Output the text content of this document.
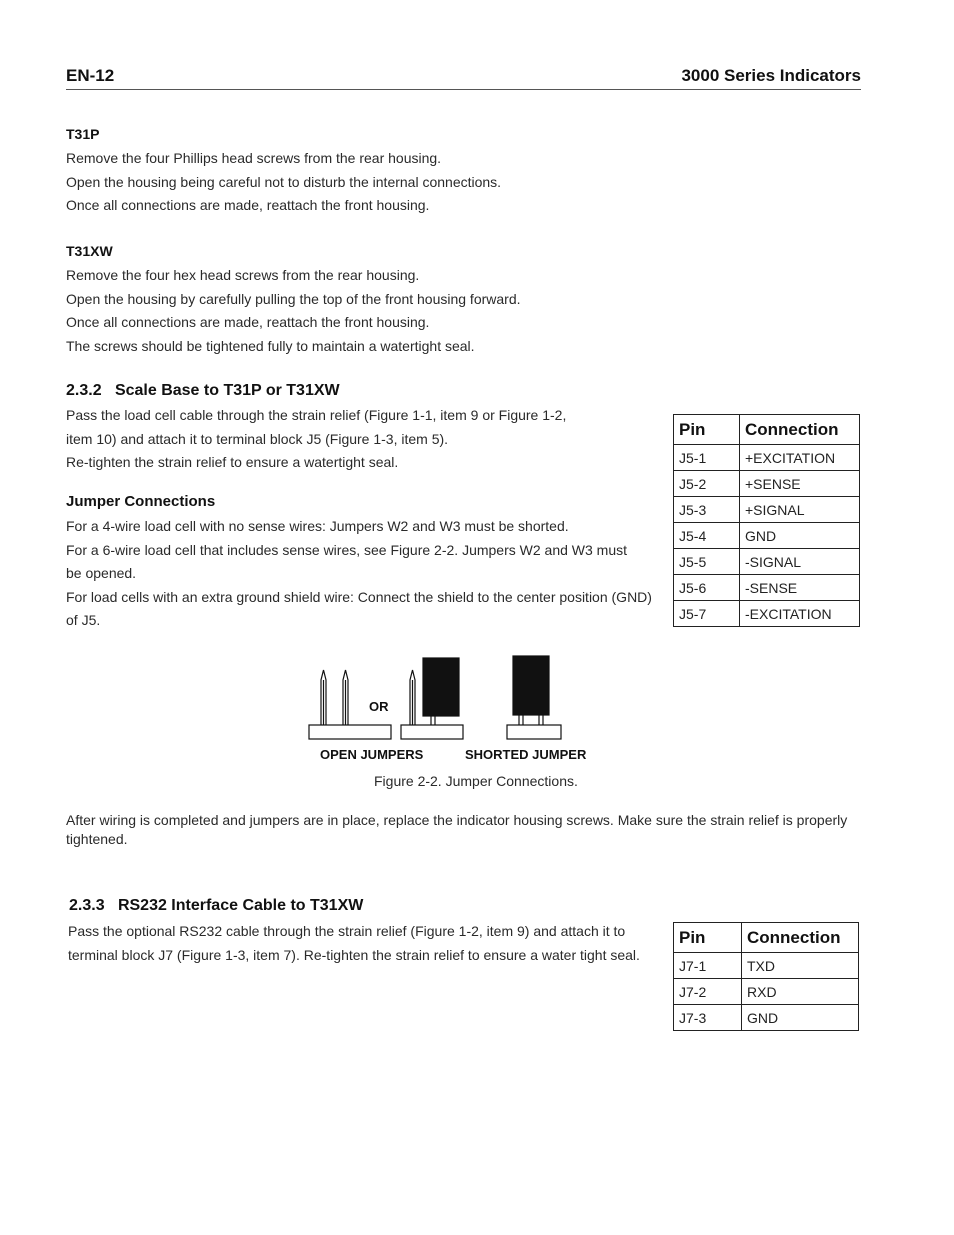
EN-12	3000 Series Indicators
T31P
Remove the four Phillips head screws from the rear housing.
Open the housing being careful not to disturb the internal connections.
Once all connections are made, reattach the front housing.
T31XW
Remove the four hex head screws from the rear housing.
Open the housing by carefully pulling the top of the front housing forward.
Once all connections are made, reattach the front housing.
The screws should be tightened fully to maintain a watertight seal.
2.3.2 Scale Base to T31P or T31XW
Pass the load cell cable through the strain relief (Figure 1-1, item 9 or Figure 1-2,
item 10) and attach it to terminal block J5 (Figure 1-3, item 5).
Re-tighten the strain relief to ensure a watertight seal.
Jumper Connections
For a 4-wire load cell with no sense wires: Jumpers W2 and W3 must be shorted.
For a 6-wire load cell that includes sense wires, see Figure 2-2. Jumpers W2 and W3 must
be opened.
For load cells with an extra ground shield wire: Connect the shield to the center position (GND)
of J5.
Pin	Connection
J5-1	+EXCITATION
J5-2	+SENSE
J5-3	+SIGNAL
J5-4	GND
J5-5	-SIGNAL
J5-6	-SENSE
J5-7	-EXCITATION
OR
OPEN JUMPERS	SHORTED JUMPER
Figure 2-2. Jumper Connections.
After wiring is completed and jumpers are in place, replace the indicator housing screws. Make sure the strain relief is properly tightened.
2.3.3 RS232 Interface Cable to T31XW
Pass the optional RS232 cable through the strain relief (Figure 1-2, item 9) and attach it to
terminal block J7 (Figure 1-3, item 7). Re-tighten the strain relief to ensure a water tight seal.
Pin	Connection
J7-1	TXD
J7-2	RXD
J7-3	GND
